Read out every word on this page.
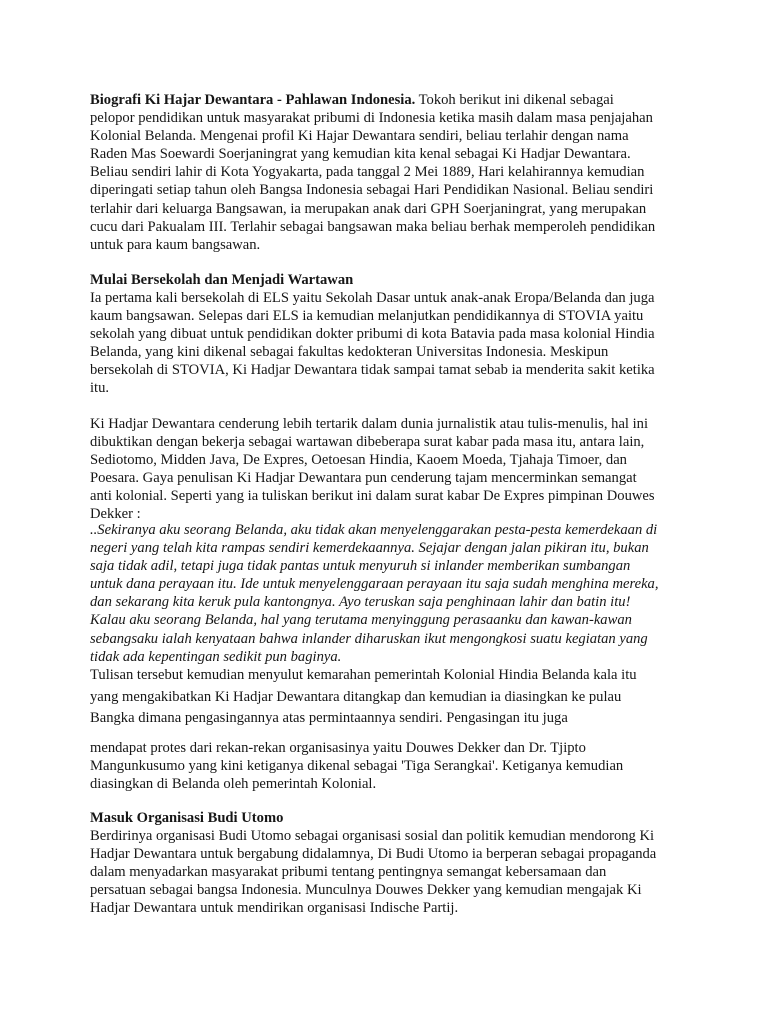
Biografi Ki Hajar Dewantara - Pahlawan Indonesia. Tokoh berikut ini dikenal sebagai
pelopor pendidikan untuk masyarakat pribumi di Indonesia ketika masih dalam masa penjajahan
Kolonial Belanda. Mengenai profil Ki Hajar Dewantara sendiri, beliau terlahir dengan nama
Raden Mas Soewardi Soerjaningrat yang kemudian kita kenal sebagai Ki Hadjar Dewantara.
Beliau sendiri lahir di Kota Yogyakarta, pada tanggal 2 Mei 1889, Hari kelahirannya kemudian
diperingati setiap tahun oleh Bangsa Indonesia sebagai Hari Pendidikan Nasional. Beliau sendiri
terlahir dari keluarga Bangsawan, ia merupakan anak dari GPH Soerjaningrat, yang merupakan
cucu dari Pakualam III. Terlahir sebagai bangsawan maka beliau berhak memperoleh pendidikan
untuk para kaum bangsawan.

Mulai Bersekolah dan Menjadi Wartawan

Ia pertama kali bersekolah di ELS yaitu Sekolah Dasar untuk anak-anak Eropa/Belanda dan juga
kaum bangsawan. Selepas dari ELS ia kemudian melanjutkan pendidikannya di STOVIA yaitu
sekolah yang dibuat untuk pendidikan dokter pribumi di kota Batavia pada masa kolonial Hindia
Belanda, yang kini dikenal sebagai fakultas kedokteran Universitas Indonesia. Meskipun
bersekolah di STOVIA, Ki Hadjar Dewantara tidak sampai tamat sebab ia menderita sakit ketika
itu.

Ki Hadjar Dewantara cenderung lebih tertarik dalam dunia jurnalistik atau tulis-menulis, hal ini
dibuktikan dengan bekerja sebagai wartawan dibeberapa surat kabar pada masa itu, antara lain,
Sediotomo, Midden Java, De Expres, Oetoesan Hindia, Kaoem Moeda, Tjahaja Timoer, dan
Poesara. Gaya penulisan Ki Hadjar Dewantara pun cenderung tajam mencerminkan semangat
anti kolonial. Seperti yang ia tuliskan berikut ini dalam surat kabar De Expres pimpinan Douwes
Dekker :

..Sekiranya aku seorang Belanda, aku tidak akan menyelenggarakan pesta-pesta kemerdekaan di
negeri yang telah kita rampas sendiri kemerdekaannya. Sejajar dengan jalan pikiran itu, bukan
saja tidak adil, tetapi juga tidak pantas untuk menyuruh si inlander memberikan sumbangan
untuk dana perayaan itu. Ide untuk menyelenggaraan perayaan itu saja sudah menghina mereka,
dan sekarang kita keruk pula kantongnya. Ayo teruskan saja penghinaan lahir dan batin itu!
Kalau aku seorang Belanda, hal yang terutama menyinggung perasaanku dan kawan-kawan
sebangsaku ialah kenyataan bahwa inlander diharuskan ikut mengongkosi suatu kegiatan yang
tidak ada kepentingan sedikit pun baginya.

Tulisan tersebut kemudian menyulut kemarahan pemerintah Kolonial Hindia Belanda kala itu
yang mengakibatkan Ki Hadjar Dewantara ditangkap dan kemudian ia diasingkan ke pulau
Bangka dimana pengasingannya atas permintaannya sendiri. Pengasingan itu juga

mendapat protes dari rekan-rekan organisasinya yaitu Douwes Dekker dan Dr. Tjipto
Mangunkusumo yang kini ketiganya dikenal sebagai 'Tiga Serangkai'. Ketiganya kemudian
diasingkan di Belanda oleh pemerintah Kolonial.

Masuk Organisasi Budi Utomo

Berdirinya organisasi Budi Utomo sebagai organisasi sosial dan politik kemudian mendorong Ki
Hadjar Dewantara untuk bergabung didalamnya, Di Budi Utomo ia berperan sebagai propaganda
dalam menyadarkan masyarakat pribumi tentang pentingnya semangat kebersamaan dan
persatuan sebagai bangsa Indonesia. Munculnya Douwes Dekker yang kemudian mengajak Ki
Hadjar Dewantara untuk mendirikan organisasi Indische Partij.
